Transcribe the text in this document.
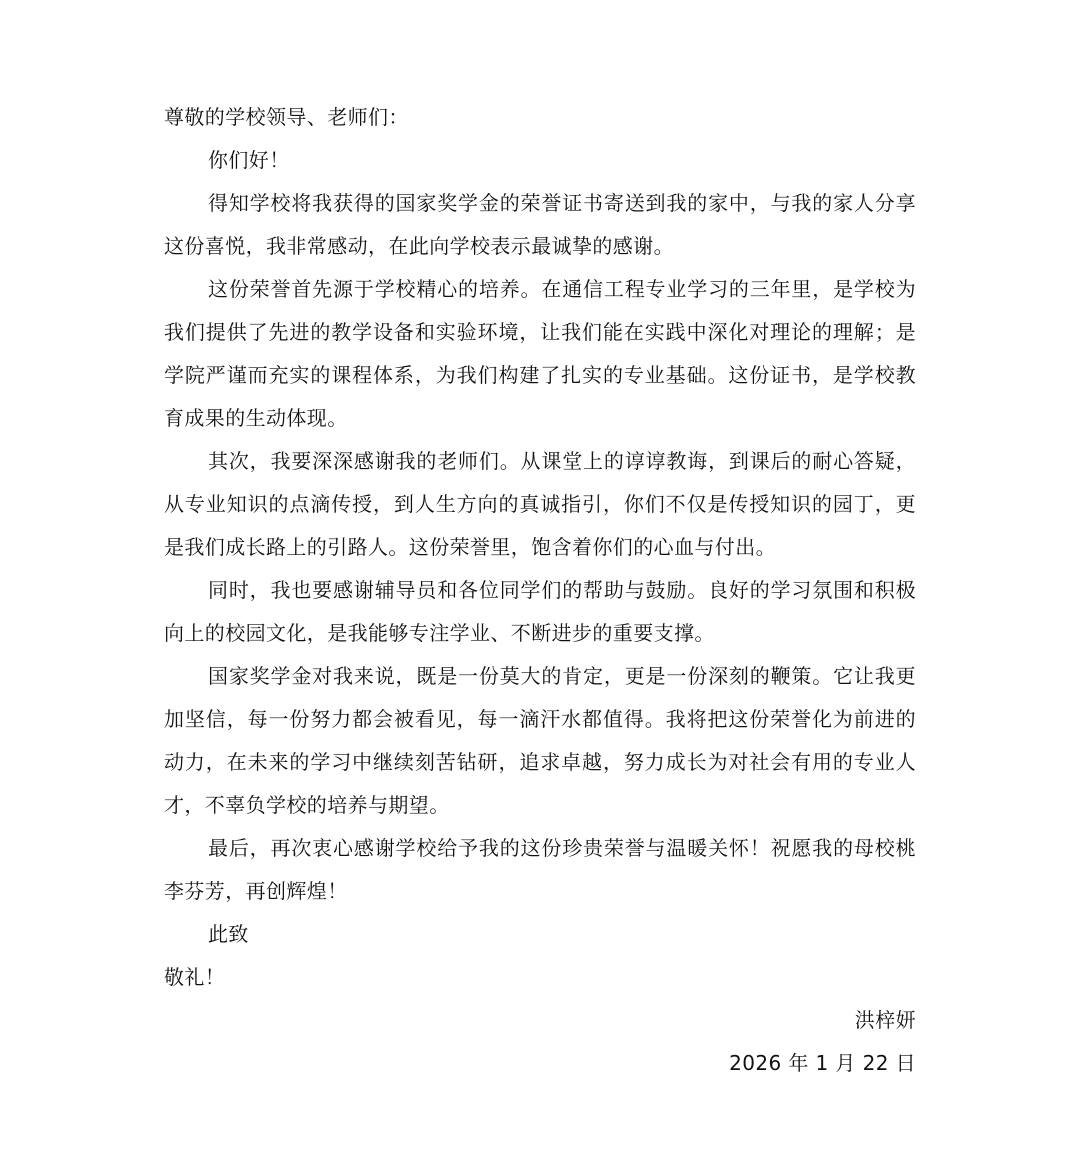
尊敬的学校领导、老师们：
你们好！

得知学校将我获得的国家奖学金的荣誉证书寄送到我的家中，与我的家人分享这份喜悦，我非常感动，在此向学校表示最诚挚的感谢。

这份荣誉首先源于学校精心的培养。在通信工程专业学习的三年里，是学校为我们提供了先进的教学设备和实验环境，让我们能在实践中深化对理论的理解；是学院严谨而充实的课程体系，为我们构建了扎实的专业基础。这份证书，是学校教育成果的生动体现。

其次，我要深深感谢我的老师们。从课堂上的谆谆教诲，到课后的耐心答疑，从专业知识的点滴传授，到人生方向的真诚指引，你们不仅是传授知识的园丁，更是我们成长路上的引路人。这份荣誉里，饱含着你们的心血与付出。

同时，我也要感谢辅导员和各位同学们的帮助与鼓励。良好的学习氛围和积极向上的校园文化，是我能够专注学业、不断进步的重要支撑。

国家奖学金对我来说，既是一份莫大的肯定，更是一份深刻的鞭策。它让我更加坚信，每一份努力都会被看见，每一滴汗水都值得。我将把这份荣誉化为前进的动力，在未来的学习中继续刻苦钻研，追求卓越，努力成长为对社会有用的专业人才，不辜负学校的培养与期望。

最后，再次衷心感谢学校给予我的这份珍贵荣誉与温暖关怀！祝愿我的母校桃李芬芳，再创辉煌！

此致
敬礼！
洪梓妍
2026 年 1 月 22 日
